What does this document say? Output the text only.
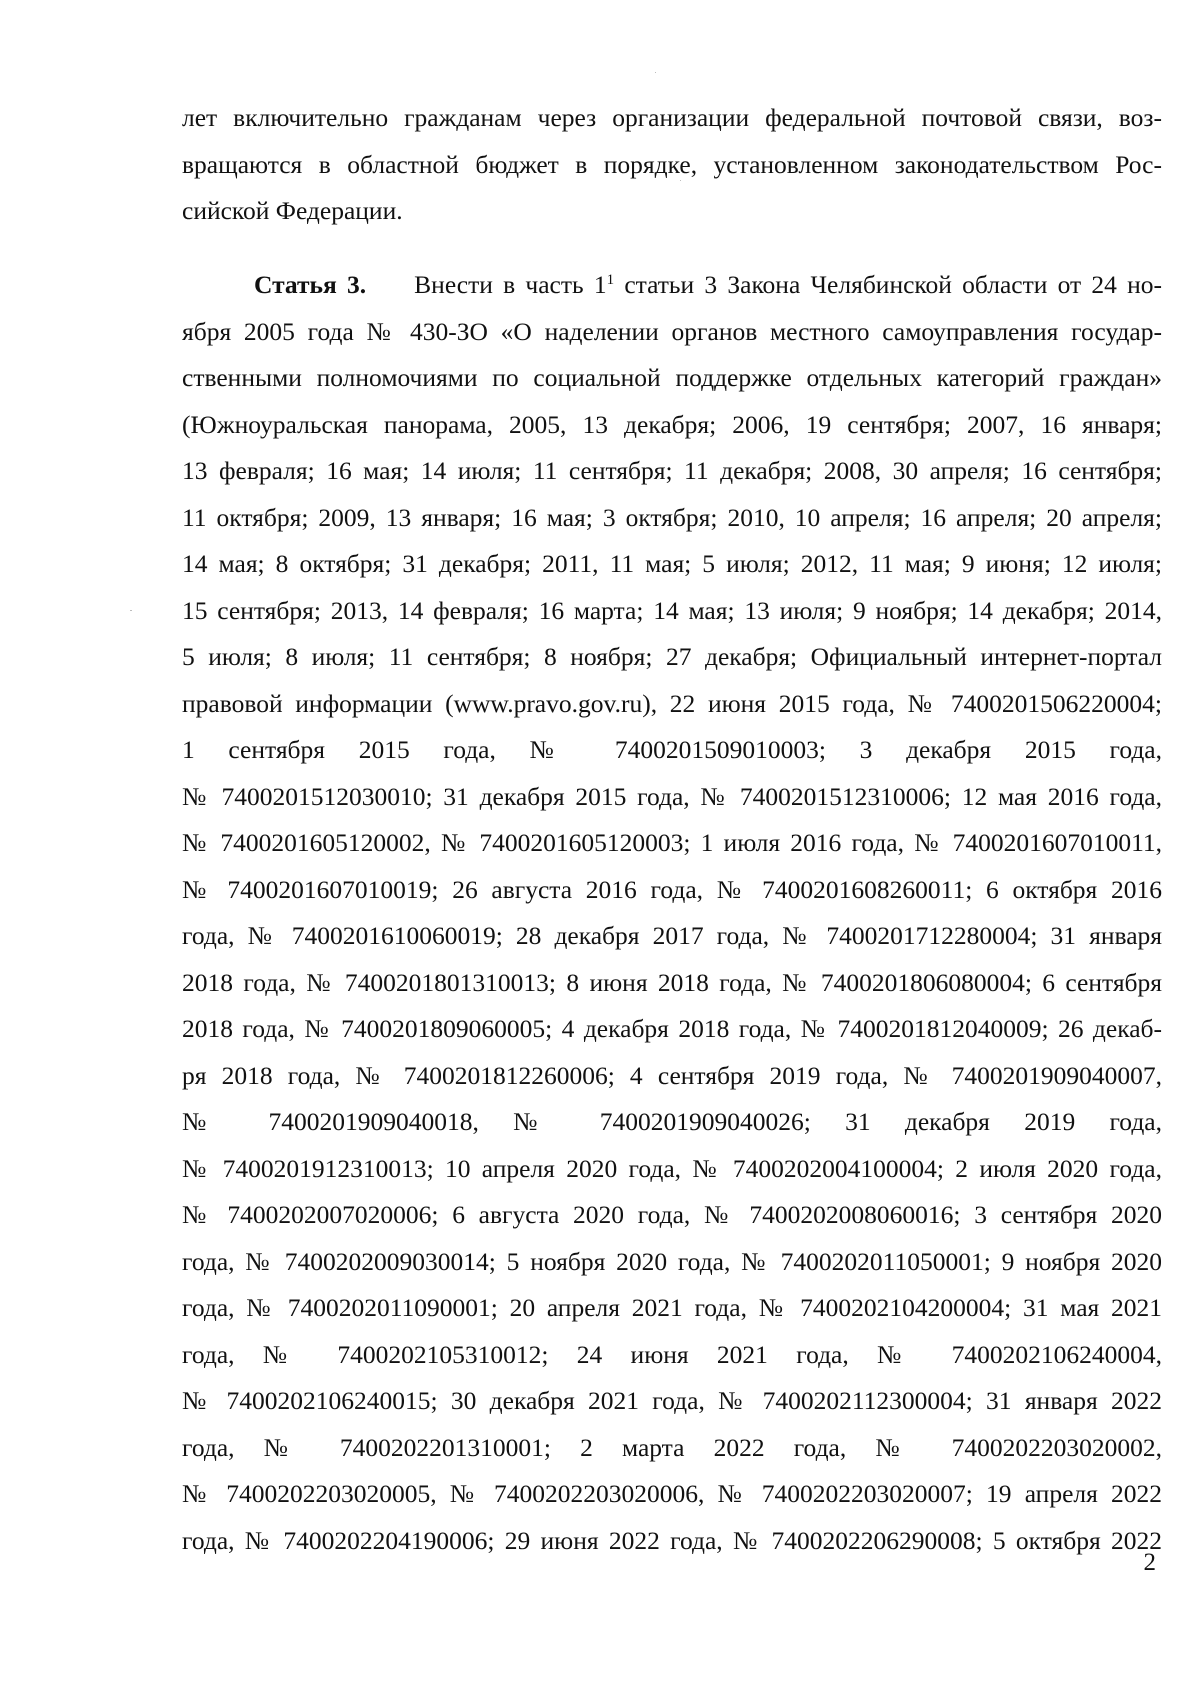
лет включительно гражданам через организации федеральной почтовой связи, воз-
вращаются в областной бюджет в порядке, установленном законодательством Рос-
сийской Федерации.
Статья 3. Внести в часть $1^1$ статьи 3 Закона Челябинской области от 24 но-
ября 2005 года № 430-ЗО «О наделении органов местного самоуправления государ-
ственными полномочиями по социальной поддержке отдельных категорий граждан»
(Южноуральская панорама, 2005, 13 декабря; 2006, 19 сентября; 2007, 16 января;
13 февраля; 16 мая; 14 июля; 11 сентября; 11 декабря; 2008, 30 апреля; 16 сентября;
11 октября; 2009, 13 января; 16 мая; 3 октября; 2010, 10 апреля; 16 апреля; 20 апреля;
14 мая; 8 октября; 31 декабря; 2011, 11 мая; 5 июля; 2012, 11 мая; 9 июня; 12 июля;
15 сентября; 2013, 14 февраля; 16 марта; 14 мая; 13 июля; 9 ноября; 14 декабря; 2014,
5 июля; 8 июля; 11 сентября; 8 ноября; 27 декабря; Официальный интернет-портал
правовой информации (www.pravo.gov.ru), 22 июня 2015 года, № 7400201506220004;
1 сентября 2015 года, № 7400201509010003; 3 декабря 2015 года,
№ 7400201512030010; 31 декабря 2015 года, № 7400201512310006; 12 мая 2016 года,
№ 7400201605120002, № 7400201605120003; 1 июля 2016 года, № 7400201607010011,
№ 7400201607010019; 26 августа 2016 года, № 7400201608260011; 6 октября 2016
года, № 7400201610060019; 28 декабря 2017 года, № 7400201712280004; 31 января
2018 года, № 7400201801310013; 8 июня 2018 года, № 7400201806080004; 6 сентября
2018 года, № 7400201809060005; 4 декабря 2018 года, № 7400201812040009; 26 декаб-
ря 2018 года, № 7400201812260006; 4 сентября 2019 года, № 7400201909040007,
№ 7400201909040018, № 7400201909040026; 31 декабря 2019 года,
№ 7400201912310013; 10 апреля 2020 года, № 7400202004100004; 2 июля 2020 года,
№ 7400202007020006; 6 августа 2020 года, № 7400202008060016; 3 сентября 2020
года, № 7400202009030014; 5 ноября 2020 года, № 7400202011050001; 9 ноября 2020
года, № 7400202011090001; 20 апреля 2021 года, № 7400202104200004; 31 мая 2021
года, № 7400202105310012; 24 июня 2021 года, № 7400202106240004,
№ 7400202106240015; 30 декабря 2021 года, № 7400202112300004; 31 января 2022
года, № 7400202201310001; 2 марта 2022 года, № 7400202203020002,
№ 7400202203020005, № 7400202203020006, № 7400202203020007; 19 апреля 2022
года, № 7400202204190006; 29 июня 2022 года, № 7400202206290008; 5 октября 2022
2
